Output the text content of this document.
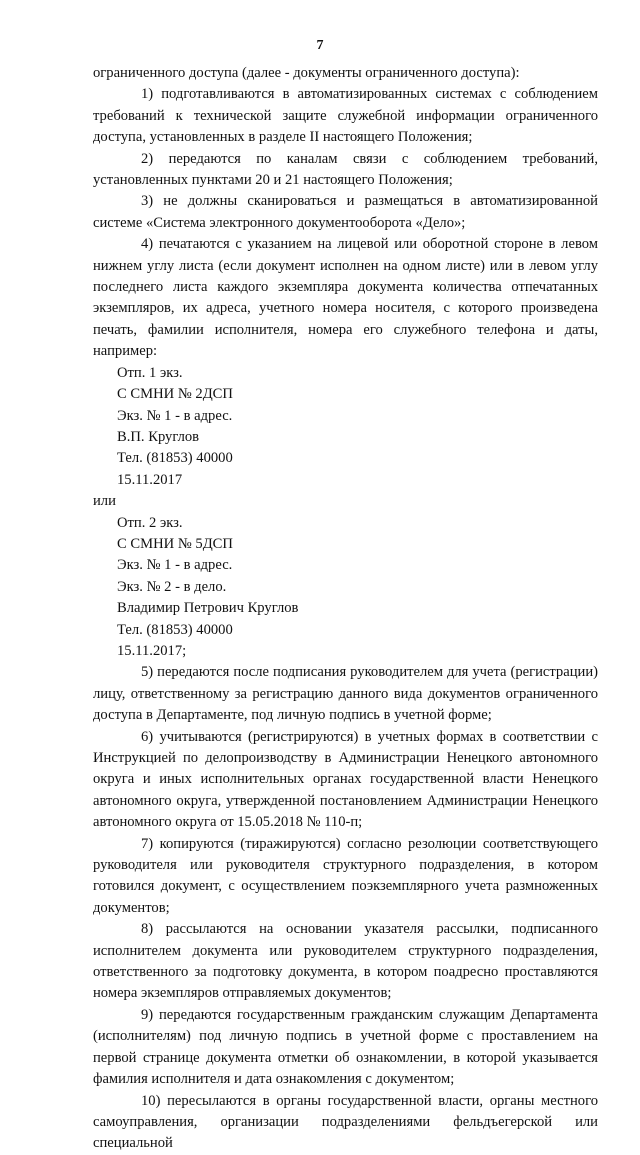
7

ограниченного доступа (далее - документы ограниченного доступа):

1) подготавливаются в автоматизированных системах с соблюдением требований к технической защите служебной информации ограниченного доступа, установленных в разделе II настоящего Положения;

2) передаются по каналам связи с соблюдением требований, установленных пунктами 20 и 21 настоящего Положения;

3) не должны сканироваться и размещаться в автоматизированной системе «Система электронного документооборота «Дело»;

4) печатаются с указанием на лицевой или оборотной стороне в левом нижнем углу листа (если документ исполнен на одном листе) или в левом углу последнего листа каждого экземпляра документа количества отпечатанных экземпляров, их адреса, учетного номера носителя, с которого произведена печать, фамилии исполнителя, номера его служебного телефона и даты, например:

Отп. 1 экз.

С СМНИ № 2ДСП

Экз. № 1 - в адрес.

В.П. Круглов

Тел. (81853) 40000

15.11.2017

или

Отп. 2 экз.

С СМНИ № 5ДСП

Экз. № 1 - в адрес.

Экз. № 2 - в дело.

Владимир Петрович Круглов

Тел. (81853) 40000

15.11.2017;

5) передаются после подписания руководителем для учета (регистрации) лицу, ответственному за регистрацию данного вида документов ограниченного доступа в Департаменте, под личную подпись в учетной форме;

6) учитываются (регистрируются) в учетных формах в соответствии с Инструкцией по делопроизводству в Администрации Ненецкого автономного округа и иных исполнительных органах государственной власти Ненецкого автономного округа, утвержденной постановлением Администрации Ненецкого автономного округа от 15.05.2018 № 110-п;

7) копируются (тиражируются) согласно резолюции соответствующего руководителя или руководителя структурного подразделения, в котором готовился документ, с осуществлением поэкземплярного учета размноженных документов;

8) рассылаются на основании указателя рассылки, подписанного исполнителем документа или руководителем структурного подразделения, ответственного за подготовку документа, в котором поадресно проставляются номера экземпляров отправляемых документов;

9) передаются государственным гражданским служащим Департамента (исполнителям) под личную подпись в учетной форме с проставлением на первой странице документа отметки об ознакомлении, в которой указывается фамилия исполнителя и дата ознакомления с документом;

10) пересылаются в органы государственной власти, органы местного самоуправления, организации подразделениями фельдъегерской или специальной
